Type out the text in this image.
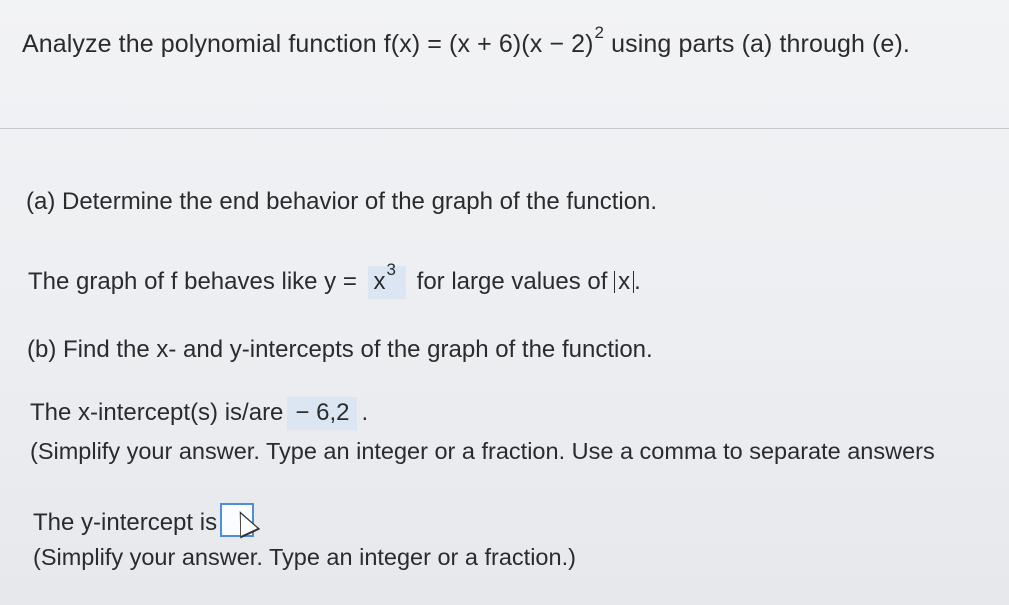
Analyze the polynomial function $f(x) = (x + 6)(x - 2)^2$ using parts (a) through (e).
(a) Determine the end behavior of the graph of the function.
The graph of f behaves like $y = x^3$ for large values of x .
(b) Find the x- and y-intercepts of the graph of the function.
The x-intercept(s) is/are − 6,2 .
(Simplify your answer. Type an integer or a fraction. Use a comma to separate answers
The y-intercept is .
(Simplify your answer. Type an integer or a fraction.)
